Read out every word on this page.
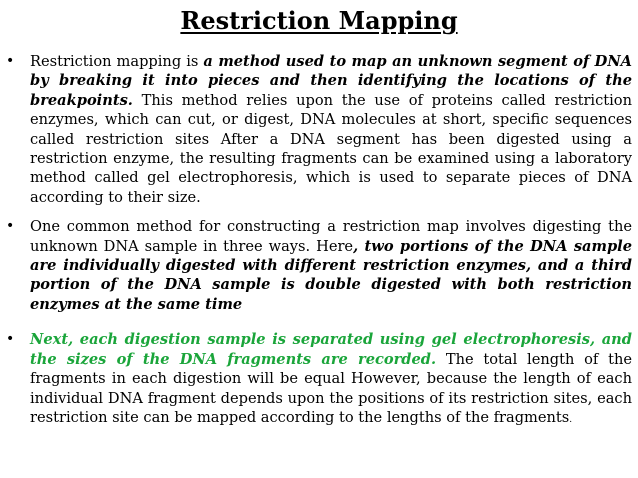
Restriction Mapping
• Restriction mapping is a method used to map an unknown segment of DNA by breaking it into pieces and then identifying the locations of the breakpoints. This method relies upon the use of proteins called restriction enzymes, which can cut, or digest, DNA molecules at short, specific sequences called restriction sites After a DNA segment has been digested using a restriction enzyme, the resulting fragments can be examined using a laboratory method called gel electrophoresis, which is used to separate pieces of DNA according to their size.
• One common method for constructing a restriction map involves digesting the unknown DNA sample in three ways. Here, two portions of the DNA sample are individually digested with different restriction enzymes, and a third portion of the DNA sample is double digested with both restriction enzymes at the same time
• Next, each digestion sample is separated using gel electrophoresis, and the sizes of the DNA fragments are recorded. The total length of the fragments in each digestion will be equal However, because the length of each individual DNA fragment depends upon the positions of its restriction sites, each restriction site can be mapped according to the lengths of the fragments.
